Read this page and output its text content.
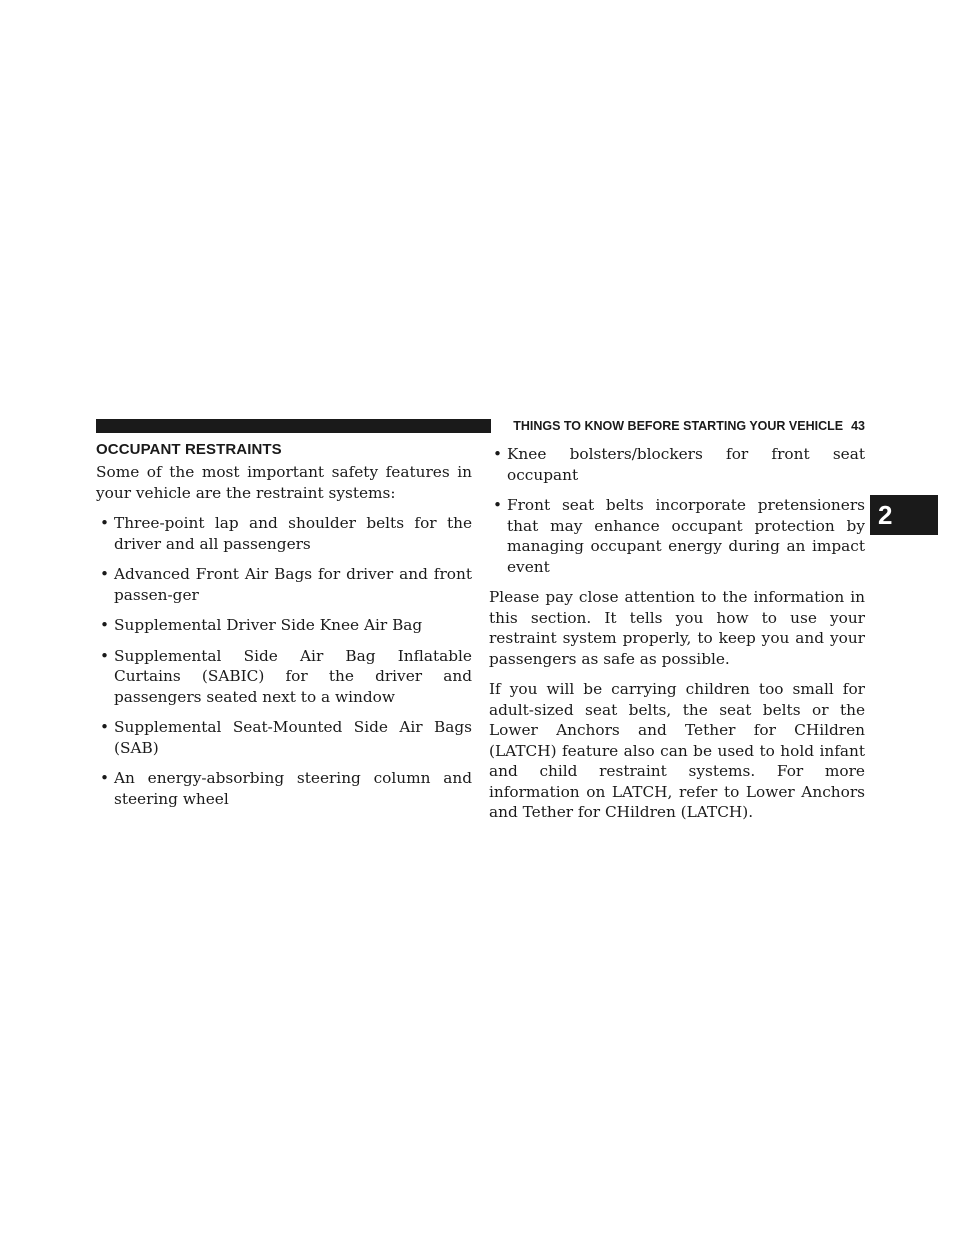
THINGS TO KNOW BEFORE STARTING YOUR VEHICLE 43
2
OCCUPANT RESTRAINTS

Some of the most important safety features in your vehicle are the restraint systems:

• Three-point lap and shoulder belts for the driver and all passengers
• Advanced Front Air Bags for driver and front passen-ger
• Supplemental Driver Side Knee Air Bag
• Supplemental Side Air Bag Inflatable Curtains (SABIC) for the driver and passengers seated next to a window
• Supplemental Seat-Mounted Side Air Bags (SAB)
• An energy-absorbing steering column and steering wheel
• Knee bolsters/blockers for front seat occupant
• Front seat belts incorporate pretensioners that may enhance occupant protection by managing occupant energy during an impact event

Please pay close attention to the information in this section. It tells you how to use your restraint system properly, to keep you and your passengers as safe as possible.

If you will be carrying children too small for adult-sized seat belts, the seat belts or the Lower Anchors and Tether for CHildren (LATCH) feature also can be used to hold infant and child restraint systems. For more information on LATCH, refer to Lower Anchors and Tether for CHildren (LATCH).
